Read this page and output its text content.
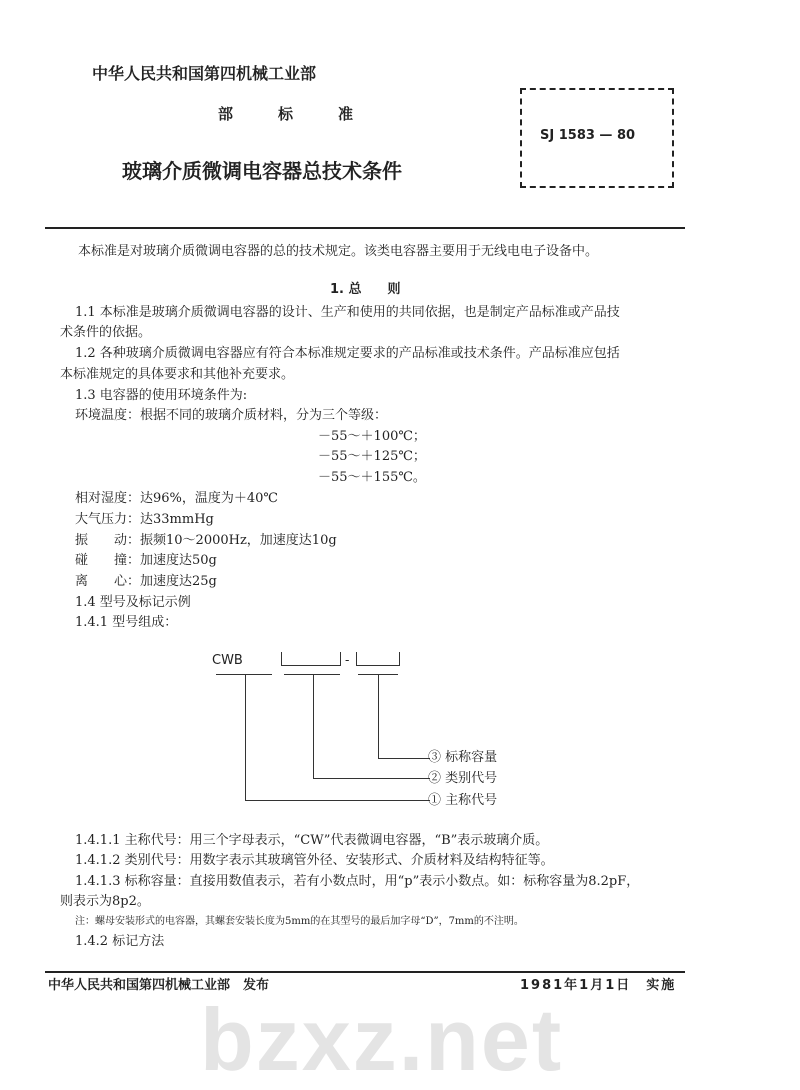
中华人民共和国第四机械工业部
部	标	准
SJ 1583 — 80
玻璃介质微调电容器总技术条件
本标准是对玻璃介质微调电容器的总的技术规定。该类电容器主要用于无线电电子设备中。
1. 总　　则
1.1 本标准是玻璃介质微调电容器的设计、生产和使用的共同依据，也是制定产品标准或产品技
术条件的依据。
1.2 各种玻璃介质微调电容器应有符合本标准规定要求的产品标准或技术条件。产品标准应包括
本标准规定的具体要求和其他补充要求。
1.3 电容器的使用环境条件为:
环境温度：根据不同的玻璃介质材料，分为三个等级：
－55～＋100℃；
－55～＋125℃；
－55～＋155℃。
相对湿度：达96%，温度为＋40℃
大气压力：达33mmHg
振　　动：振频10～2000Hz，加速度达10g
碰　　撞：加速度达50g
离　　心：加速度达25g
1.4 型号及标记示例
1.4.1 型号组成：
CWB	-
③ 标称容量
② 类别代号
① 主称代号
1.4.1.1 主称代号：用三个字母表示，“CW”代表微调电容器，“B”表示玻璃介质。
1.4.1.2 类别代号：用数字表示其玻璃管外径、安装形式、介质材料及结构特征等。
1.4.1.3 标称容量：直接用数值表示，若有小数点时，用“p”表示小数点。如：标称容量为8.2pF，
则表示为8p2。
注：螺母安装形式的电容器，其螺套安装长度为5mm的在其型号的最后加字母“D”，7mm的不注明。
1.4.2 标记方法
中华人民共和国第四机械工业部　发布	1981年1月1日　实施
bzxz.net
